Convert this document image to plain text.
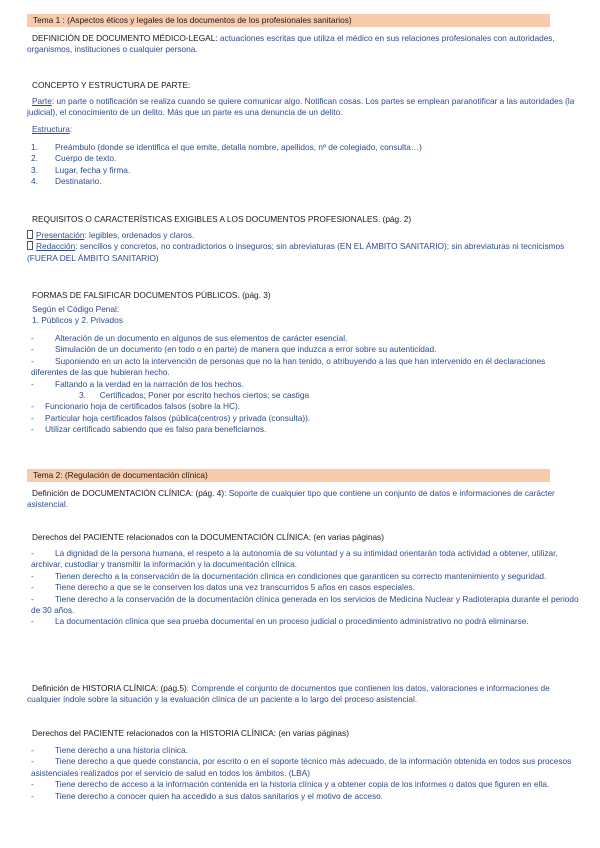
Tema 1 : (Aspectos éticos y legales de los documentos de los profesionales sanitarios)
DEFINICIÓN DE DOCUMENTO MÉDICO-LEGAL: actuaciones escritas que utiliza el médico en sus relaciones profesionales con autoridades, organismos, instituciones o cualquier persona.
CONCEPTO Y ESTRUCTURA DE PARTE:
Parte: un parte o notificación se realiza cuando se quiere comunicar algo. Notifican cosas. Los partes se emplean paranotificar a las autoridades (la judicial), el conocimiento de un delito. Más que un parte es una denuncia de un delito.
Estructura:
1. Preámbulo (donde se identifica el que emite, detalla nombre, apellidos, nº de colegiado, consulta…)
2. Cuerpo de texto.
3. Lugar, fecha y firma.
4. Destinatario.
REQUISITOS O CARACTERÍSTICAS EXIGIBLES A LOS DOCUMENTOS PROFESIONALES. (pág. 2)
Presentación: legibles, ordenados y claros.
Redacción: sencillos y concretos, no contradictorios o inseguros; sin abreviaturas (EN EL ÁMBITO SANITARIO); sin abreviaturas ni tecnicismos (FUERA DEL ÁMBITO SANITARIO)
FORMAS DE FALSIFICAR DOCUMENTOS PÚBLICOS. (pág. 3)
Según el Código Penal:
1. Públicos y 2. Privados
-	Alteración de un documento en algunos de sus elementos de carácter esencial.
-	Simulación de un documento (en todo o en parte) de manera que induzca a error sobre su autenticidad.
-	Suponiendo en un acto la intervención de personas que no la han tenido, o atribuyendo a las que han intervenido en él declaraciones diferentes de las que hubieran hecho.
-	Faltando a la verdad en la narración de los hechos.
3. Certificados; Poner por escrito hechos ciertos; se castiga
- Funcionario hoja de certificados falsos (sobre la HC).
- Particular hoja certificados falsos (pública(centros) y privada (consulta)).
- Utilizar certificado sabiendo que es falso para beneficiarnos.
Tema 2: (Regulación de documentación clínica)
Definición de DOCUMENTACIÓN CLÍNICA: (pág. 4): Soporte de cualquier tipo que contiene un conjunto de datos e informaciones de carácter asistencial.
Derechos del PACIENTE relacionados con la DOCUMENTACIÓN CLÍNICA: (en varias páginas)
-	La dignidad de la persona humana, el respeto a la autonomía de su voluntad y a su intimidad orientarán toda actividad a obtener, utilizar, archivar, custodiar y transmitir la información y la documentación clínica.
-	Tienen derecho a la conservación de la documentación clínica en condiciones que garanticen su correcto mantenimiento y seguridad.
-	Tiene derecho a que se le conserven los datos una vez transcurridos 5 años en casos especiales.
-	Tiene derecho a la conservación de la documentación clínica generada en los servicios de Medicina Nuclear y Radioterapia durante el periodo de 30 años.
-	La documentación clínica que sea prueba documental en un proceso judicial o procedimiento administrativo no podrá eliminarse.
Definición de HISTORIA CLÍNICA: (pág.5): Comprende el conjunto de documentos que contienen los datos, valoraciones e informaciones de cualquier índole sobre la situación y la evaluación clínica de un paciente a lo largo del proceso asistencial.
Derechos del PACIENTE relacionados con la HISTORIA CLÍNICA: (en varias páginas)
-	Tiene derecho a una historia clínica.
-	Tiene derecho a que quede constancia, por escrito o en el soporte técnico más adecuado, de la información obtenida en todos sus procesos asistenciales realizados por el servicio de salud en todos los ámbitos. (LBA)
-	Tiene derecho de acceso a la información contenida en la historia clínica y a obtener copia de los informes o datos que figuren en ella.
-	Tiene derecho a conocer quien ha accedido a sus datos sanitarios y el motivo de acceso.
